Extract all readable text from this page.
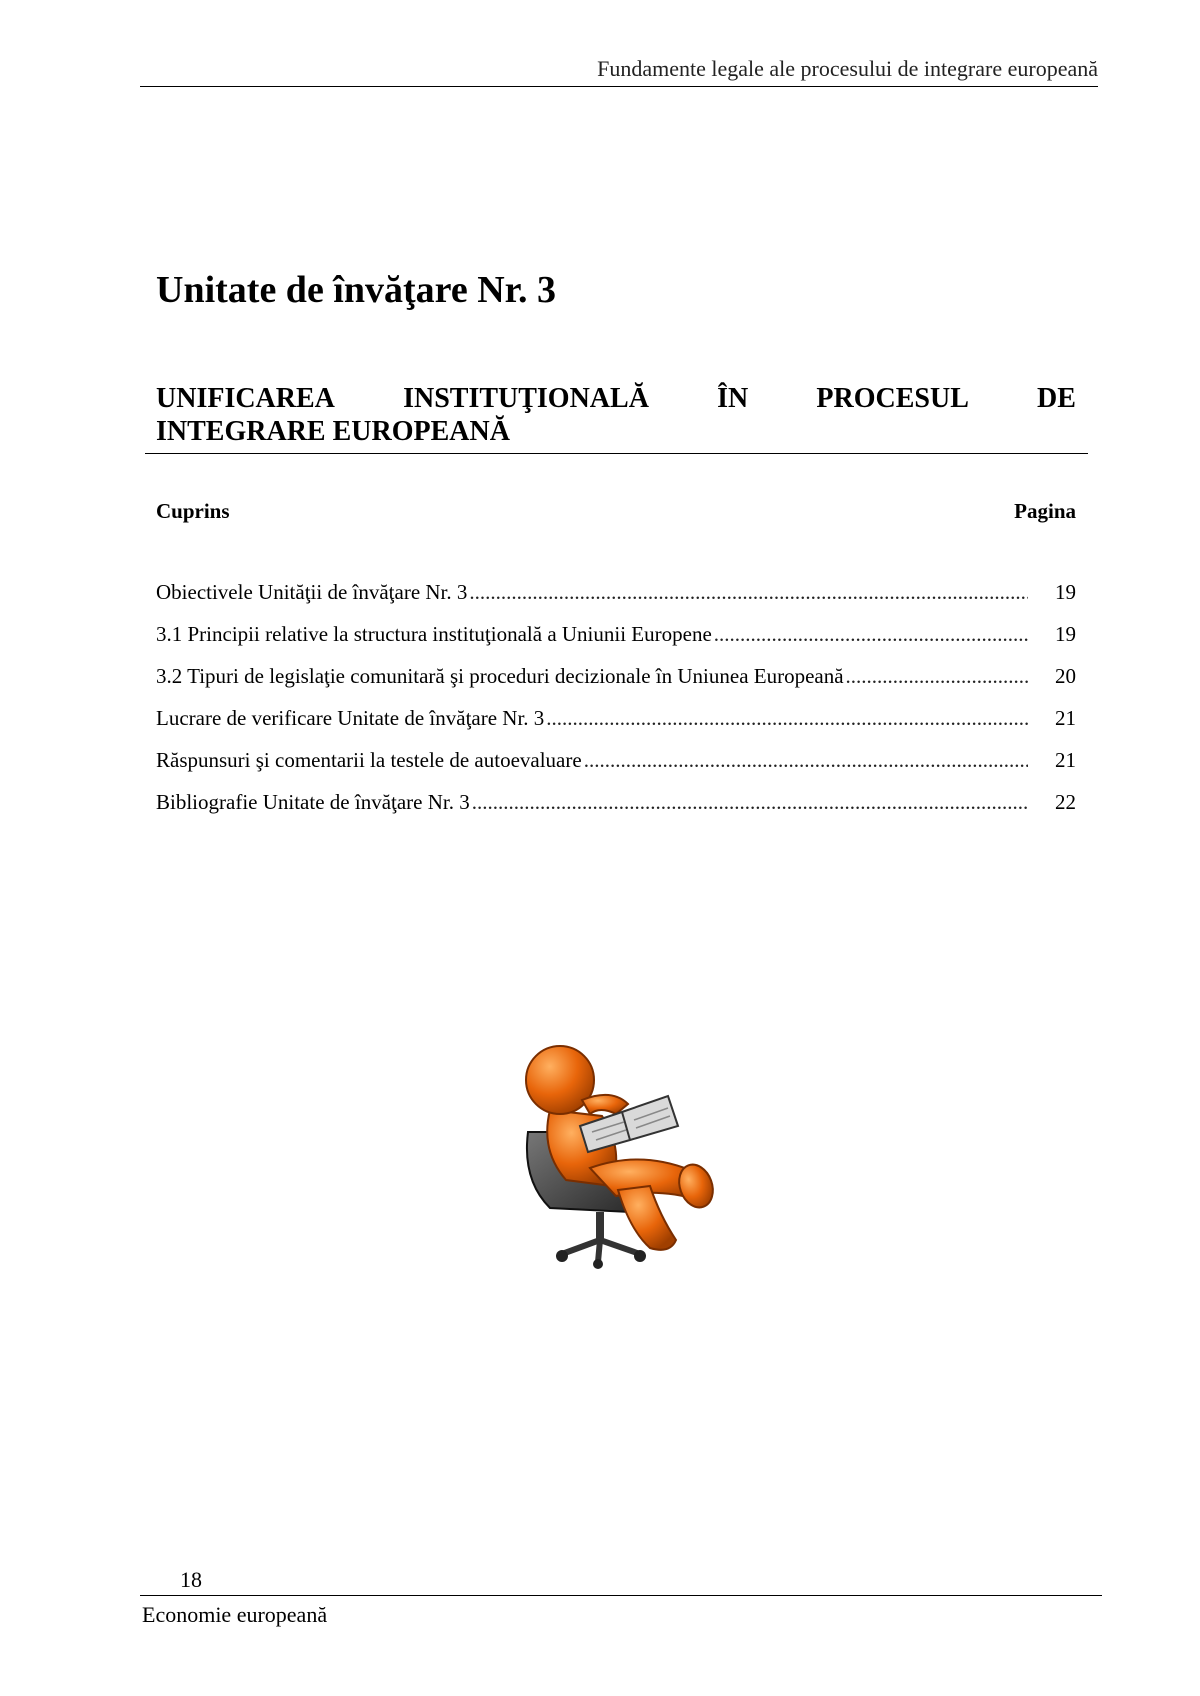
Fundamente legale ale procesului de integrare europeană
Unitate de învăţare Nr. 3
UNIFICAREA INSTITUŢIONALĂ ÎN PROCESUL DE
INTEGRARE EUROPEANĂ
Cuprins	Pagina
Obiectivele Unităţii de învăţare Nr. 3 .....	19
3.1 Principii relative la structura instituţională a Uniunii Europene .....	19
3.2 Tipuri de legislaţie comunitară şi proceduri decizionale în Uniunea Europeană .....	20
Lucrare de verificare Unitate de învăţare Nr. 3 .....	21
Răspunsuri şi comentarii la testele de autoevaluare .....	21
Bibliografie Unitate de învăţare Nr. 3 .....	22
18
Economie europeană
